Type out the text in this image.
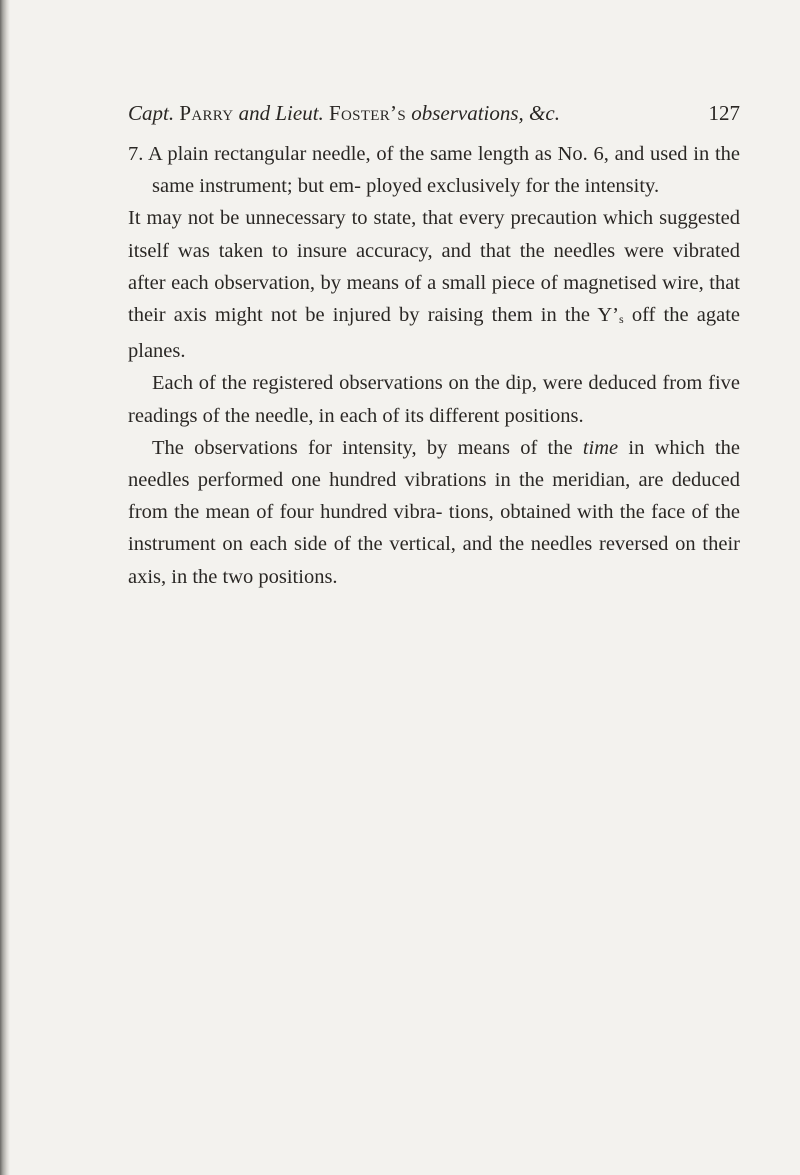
Capt. Parry and Lieut. Foster’s observations, &c.	127

7. A plain rectangular needle, of the same length as No. 6, and used in the same instrument; but em- ployed exclusively for the intensity.

It may not be unnecessary to state, that every precaution which suggested itself was taken to insure accuracy, and that the needles were vibrated after each observation, by means of a small piece of magnetised wire, that their axis might not be injured by raising them in the $Y’_s$ off the agate planes.

Each of the registered observations on the dip, were deduced from five readings of the needle, in each of its different positions.

The observations for intensity, by means of the time in which the needles performed one hundred vibrations in the meridian, are deduced from the mean of four hundred vibra- tions, obtained with the face of the instrument on each side of the vertical, and the needles reversed on their axis, in the two positions.
